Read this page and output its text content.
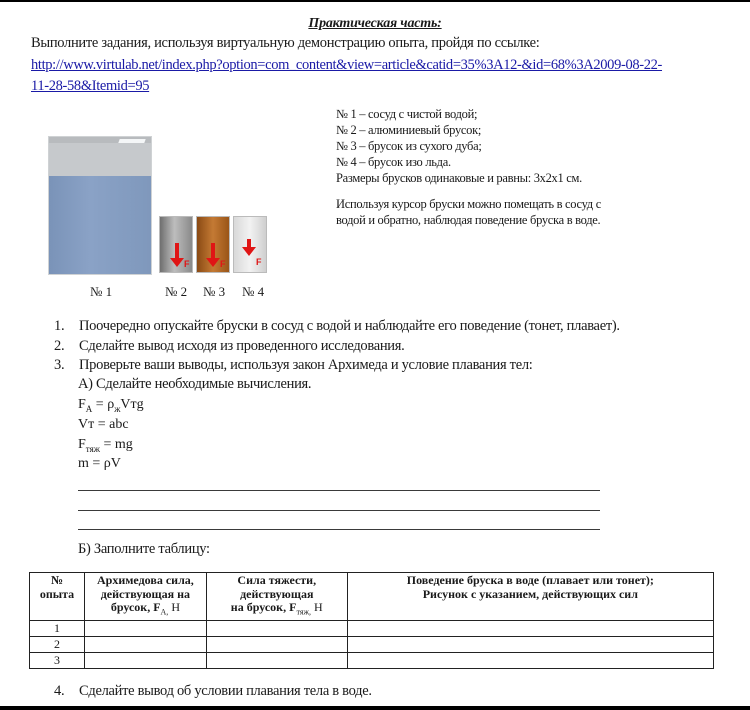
Практическая часть:
Выполните задания, используя виртуальную демонстрацию опыта, пройдя по ссылке:
http://www.virtulab.net/index.php?option=com_content&view=article&catid=35%3A12-&id=68%3A2009-08-22-
11-28-58&Itemid=95
F	F	F
№ 1	№ 2 № 3 № 4
№ 1 – сосуд с чистой водой;
№ 2 – алюминиевый брусок;
№ 3 – брусок из сухого дуба;
№ 4 – брусок изо льда.
Размеры брусков одинаковые и равны: 3х2х1 см.
Используя курсор бруски можно помещать в сосуд с
водой и обратно, наблюдая поведение бруска в воде.
1. Поочередно опускайте бруски в сосуд с водой и наблюдайте его поведение (тонет, плавает).
2. Сделайте вывод исходя из проведенного исследования.
3. Проверьте ваши выводы, используя закон Архимеда и условие плавания тел:
А) Сделайте необходимые вычисления.
$F_A = \rho_жVтg$
Vт = abc
$F_{тяж}$ = mg
m = ρV
Б) Заполните таблицу:
№
опыта	Архимедова сила,
действующая на
брусок, $F_{A,}$ Н	Сила тяжести,
действующая
на брусок, $F_{тяж,}$ Н	Поведение бруска в воде (плавает или тонет);
Рисунок с указанием, действующих сил
1			
2			
3			
4. Сделайте вывод об условии плавания тела в воде.
